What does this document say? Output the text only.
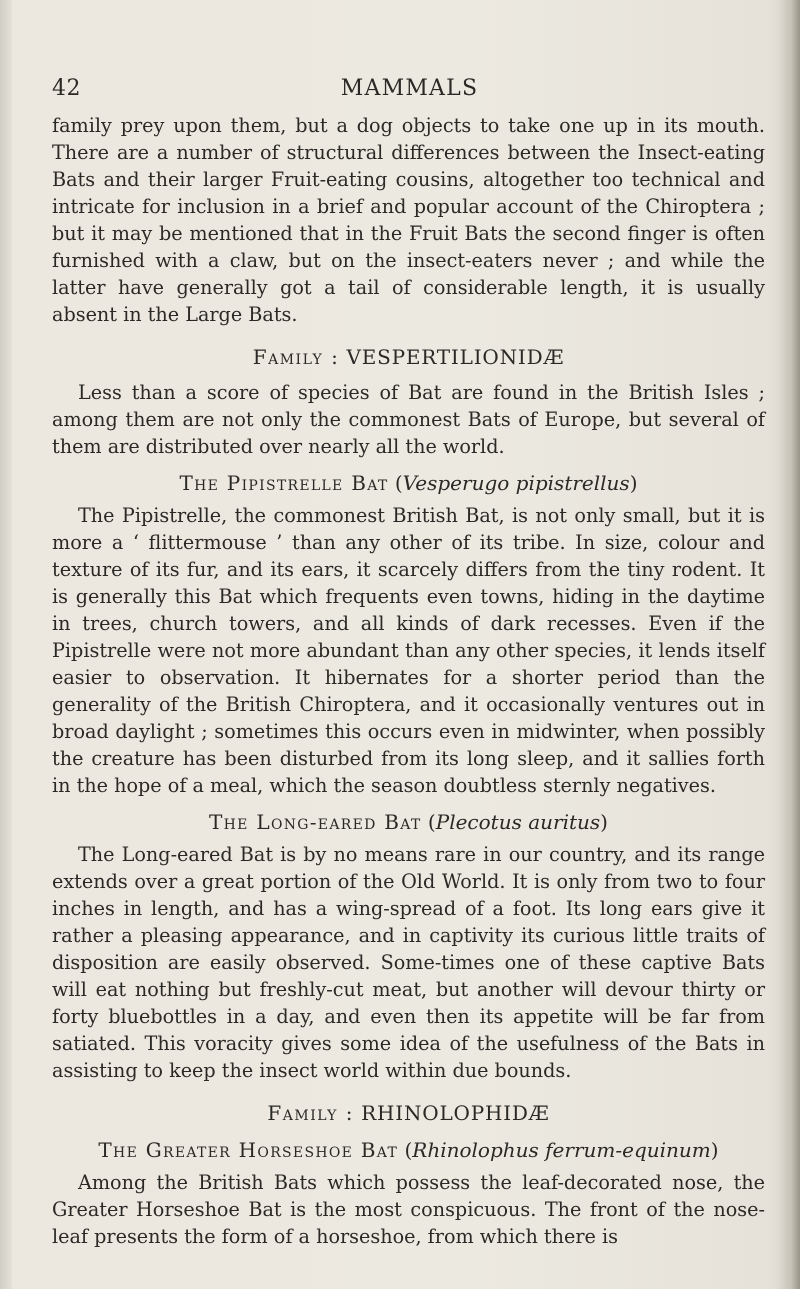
42	MAMMALS

family prey upon them, but a dog objects to take one up in its mouth. There are a number of structural differences between the Insect-eating Bats and their larger Fruit-eating cousins, altogether too technical and intricate for inclusion in a brief and popular account of the Chiroptera ; but it may be mentioned that in the Fruit Bats the second finger is often furnished with a claw, but on the insect-eaters never ; and while the latter have generally got a tail of considerable length, it is usually absent in the Large Bats.

Family : VESPERTILIONIDÆ

Less than a score of species of Bat are found in the British Isles ; among them are not only the commonest Bats of Europe, but several of them are distributed over nearly all the world.

The Pipistrelle Bat (Vesperugo pipistrellus)

The Pipistrelle, the commonest British Bat, is not only small, but it is more a ‘ flittermouse ’ than any other of its tribe. In size, colour and texture of its fur, and its ears, it scarcely differs from the tiny rodent. It is generally this Bat which frequents even towns, hiding in the daytime in trees, church towers, and all kinds of dark recesses. Even if the Pipistrelle were not more abundant than any other species, it lends itself easier to observation. It hibernates for a shorter period than the generality of the British Chiroptera, and it occasionally ventures out in broad daylight ; sometimes this occurs even in midwinter, when possibly the creature has been disturbed from its long sleep, and it sallies forth in the hope of a meal, which the season doubtless sternly negatives.

The Long-eared Bat (Plecotus auritus)

The Long-eared Bat is by no means rare in our country, and its range extends over a great portion of the Old World. It is only from two to four inches in length, and has a wing-spread of a foot. Its long ears give it rather a pleasing appearance, and in captivity its curious little traits of disposition are easily observed. Some-times one of these captive Bats will eat nothing but freshly-cut meat, but another will devour thirty or forty bluebottles in a day, and even then its appetite will be far from satiated. This voracity gives some idea of the usefulness of the Bats in assisting to keep the insect world within due bounds.

Family : RHINOLOPHIDÆ
The Greater Horseshoe Bat (Rhinolophus ferrum-equinum)

Among the British Bats which possess the leaf-decorated nose, the Greater Horseshoe Bat is the most conspicuous. The front of the nose-leaf presents the form of a horseshoe, from which there is
